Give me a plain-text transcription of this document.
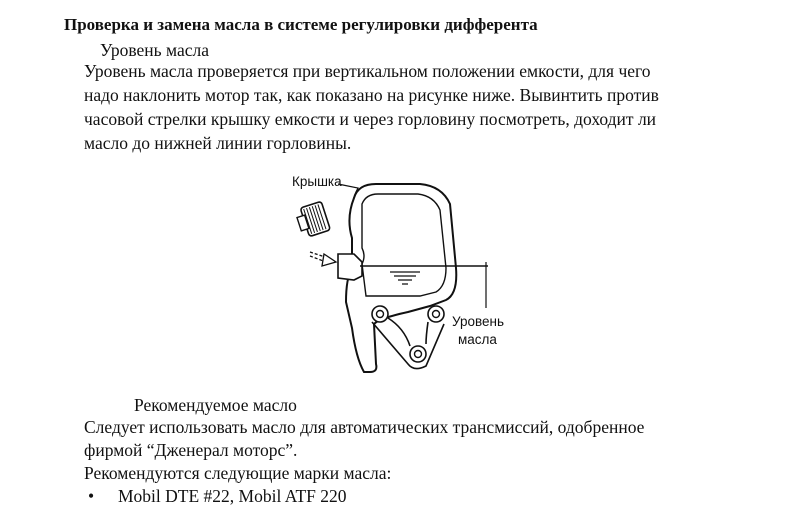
Проверка и замена масла в системе регулировки дифферента
Уровень масла
Уровень масла проверяется при вертикальном положении емкости, для чего
надо наклонить мотор так, как показано на рисунке ниже. Вывинтить против
часовой стрелки крышку емкости и через горловину посмотреть, доходит ли
масло до нижней линии горловины.
Крышка
Уровень
масла
Рекомендуемое масло
Следует использовать масло для автоматических трансмиссий, одобренное
фирмой “Дженерал моторс”.
Рекомендуются следующие марки масла:
• Mobil DTE #22, Mobil ATF 220
